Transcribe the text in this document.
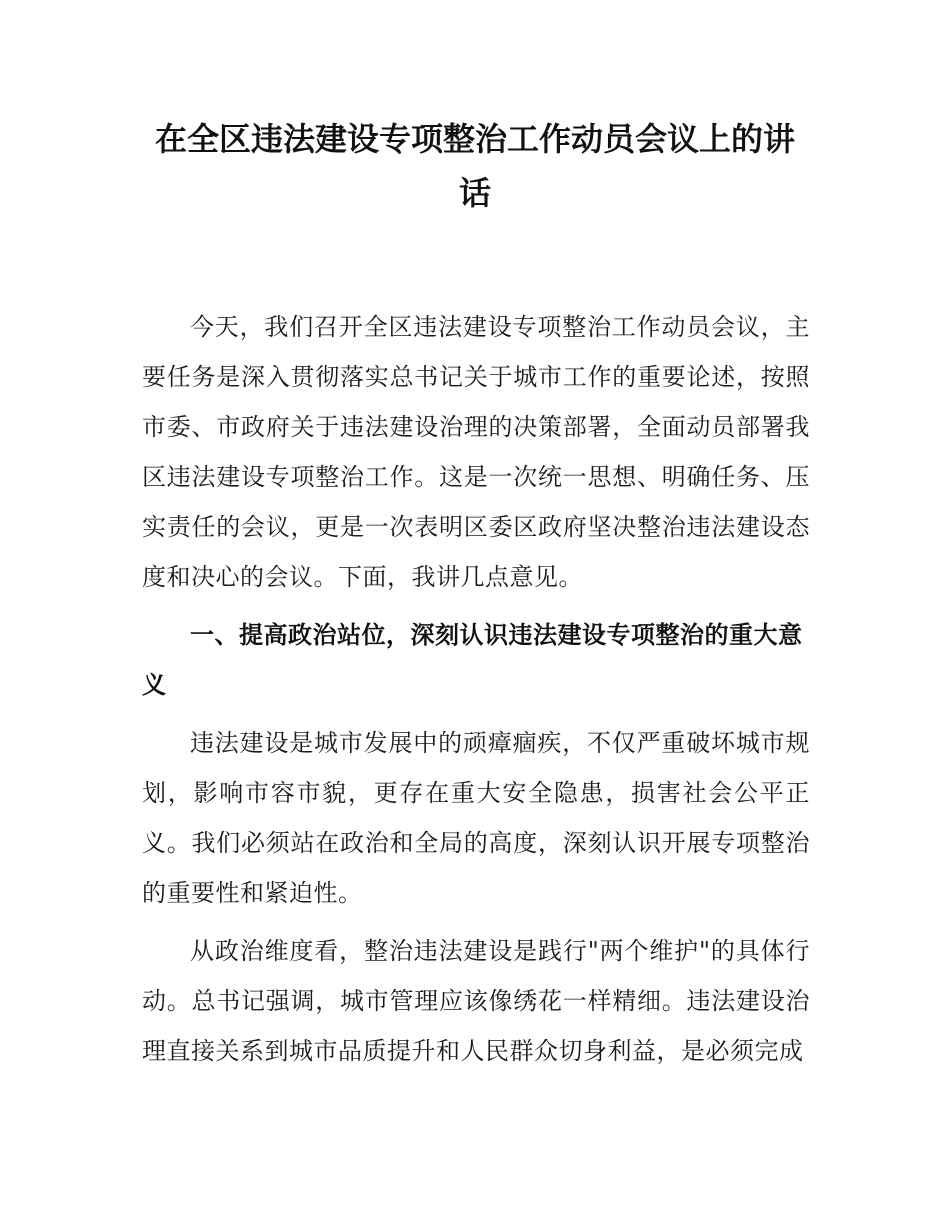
在全区违法建设专项整治工作动员会议上的讲话

今天，我们召开全区违法建设专项整治工作动员会议，主要任务是深入贯彻落实总书记关于城市工作的重要论述，按照市委、市政府关于违法建设治理的决策部署，全面动员部署我区违法建设专项整治工作。这是一次统一思想、明确任务、压实责任的会议，更是一次表明区委区政府坚决整治违法建设态度和决心的会议。下面，我讲几点意见。

一、提高政治站位，深刻认识违法建设专项整治的重大意义

违法建设是城市发展中的顽瘴痼疾，不仅严重破坏城市规划，影响市容市貌，更存在重大安全隐患，损害社会公平正义。我们必须站在政治和全局的高度，深刻认识开展专项整治的重要性和紧迫性。

从政治维度看，整治违法建设是践行"两个维护"的具体行动。总书记强调，城市管理应该像绣花一样精细。违法建设治理直接关系到城市品质提升和人民群众切身利益，是必须完成
